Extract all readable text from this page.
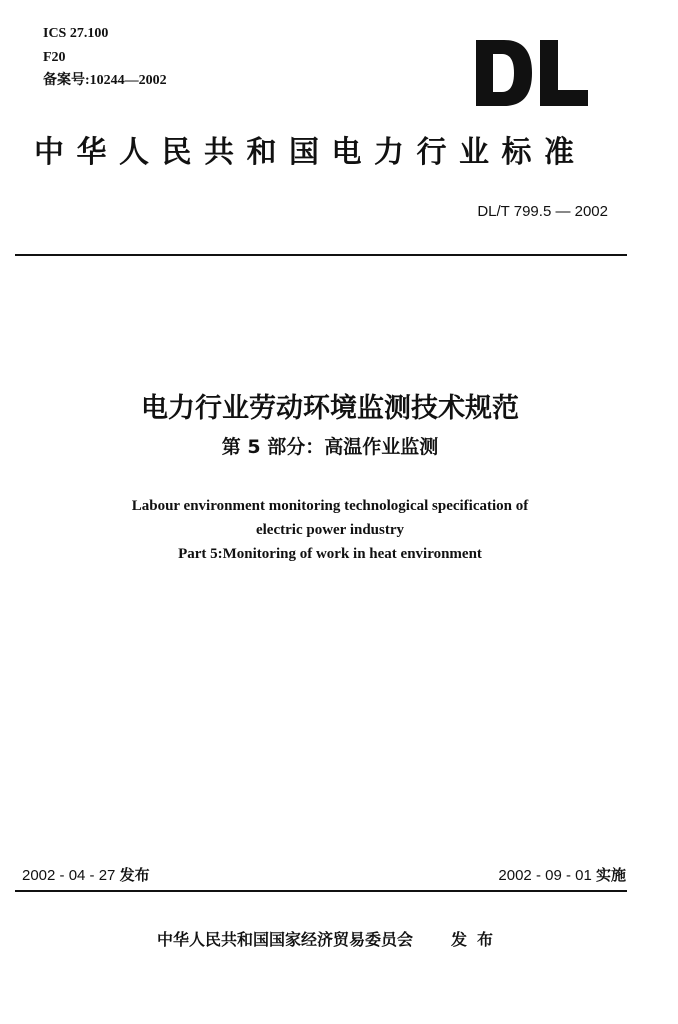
ICS 27.100
F20
备案号:10244—2002
中华人民共和国电力行业标准
DL/T 799.5 — 2002
电力行业劳动环境监测技术规范
第 5 部分：高温作业监测
Labour environment monitoring technological specification of
electric power industry
Part 5:Monitoring of work in heat environment
2002 - 04 - 27 发布	2002 - 09 - 01 实施
中华人民共和国国家经济贸易委员会 发布
